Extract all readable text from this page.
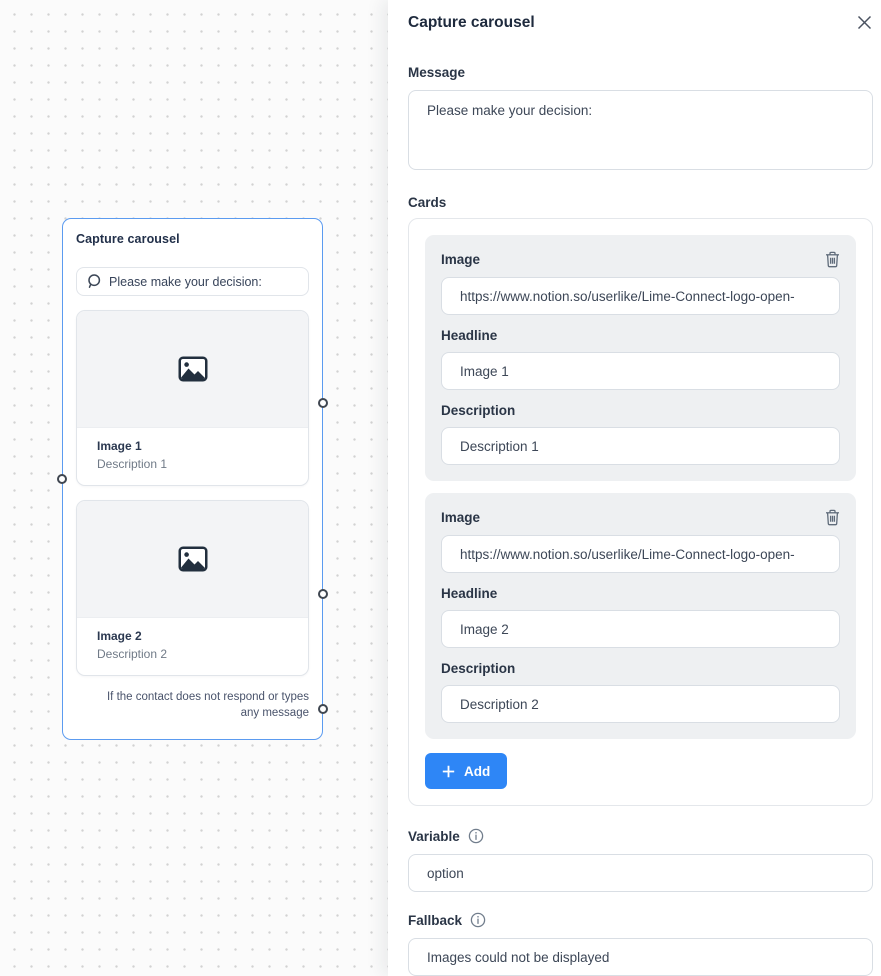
Capture carousel
Please make your decision:
Image 1
Description 1
Image 2
Description 2
If the contact does not respond or types
any message
Capture carousel
Message
Please make your decision:
Cards
Image
https://www.notion.so/userlike/Lime-Connect-logo-open-
Headline
Image 1
Description
Description 1
Image
https://www.notion.so/userlike/Lime-Connect-logo-open-
Headline
Image 2
Description
Description 2
Add
Variable
option
Fallback
Images could not be displayed
